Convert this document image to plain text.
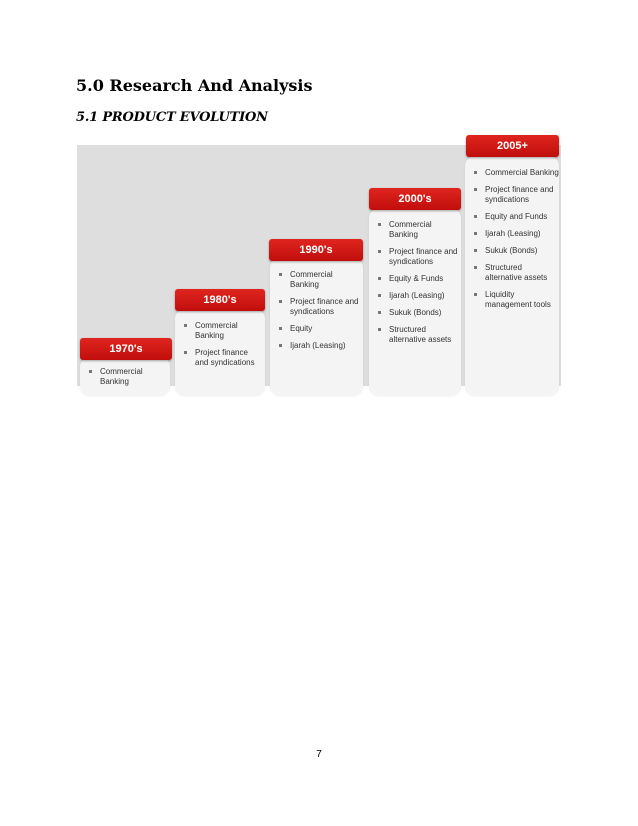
5.0 Research And Analysis
5.1 PRODUCT EVOLUTION
Commercial Banking
1970's
Commercial Banking
Project finance and syndications
1980's
Commercial Banking
Project finance and syndications
Equity
Ijarah (Leasing)
1990's
Commercial Banking
Project finance and syndications
Equity & Funds
Ijarah (Leasing)
Sukuk (Bonds)
Structured alternative assets
2000's
Commercial Banking
Project finance and syndications
Equity and Funds
Ijarah (Leasing)
Sukuk (Bonds)
Structured alternative assets
Liquidity management tools
2005+
7
